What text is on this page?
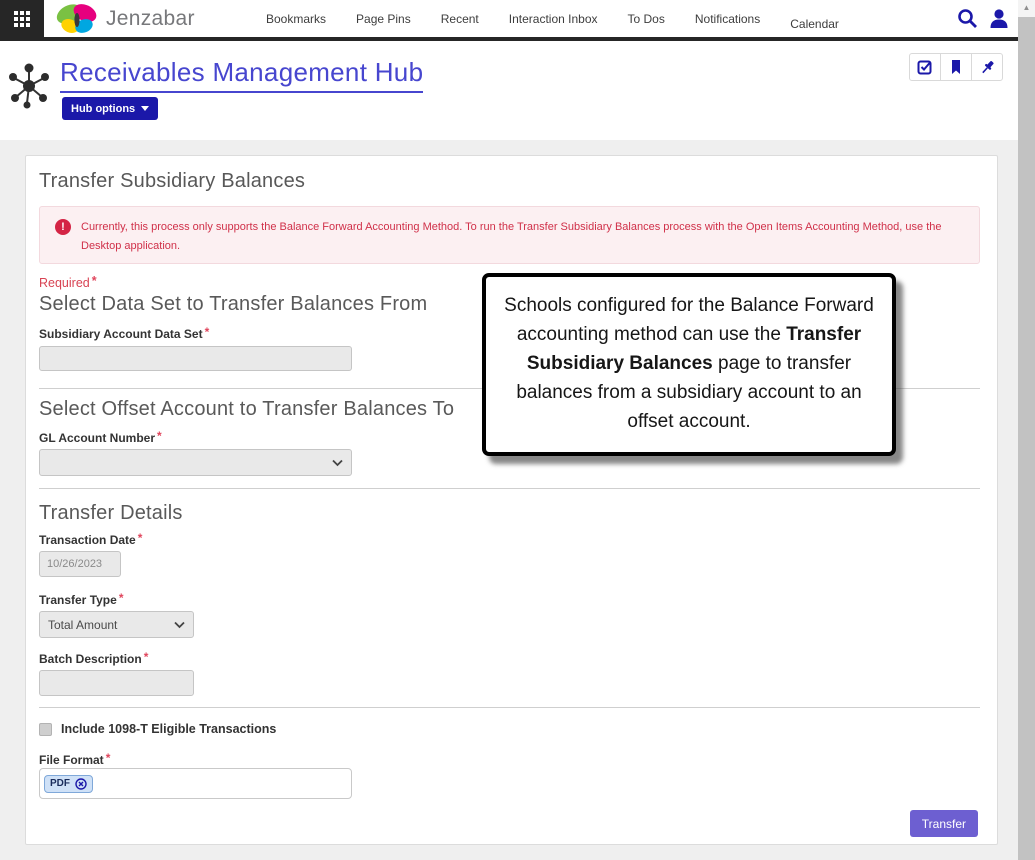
Jenzabar	Bookmarks	Page Pins	Recent	Interaction Inbox	To Dos	Notifications	Calendar
Receivables Management Hub
Hub options
Transfer Subsidiary Balances
!	Currently, this process only supports the Balance Forward Accounting Method. To run the Transfer Subsidiary Balances process with the Open Items Accounting Method, use the Desktop application.
Required *
Select Data Set to Transfer Balances From
Subsidiary Account Data Set *
Select Offset Account to Transfer Balances To
GL Account Number *
Transfer Details
Transaction Date *
10/26/2023
Transfer Type *
Total Amount
Batch Description *
Include 1098-T Eligible Transactions
File Format *
PDF
Transfer
Schools configured for the Balance Forward accounting method can use the Transfer Subsidiary Balances page to transfer balances from a subsidiary account to an offset account.
▲
